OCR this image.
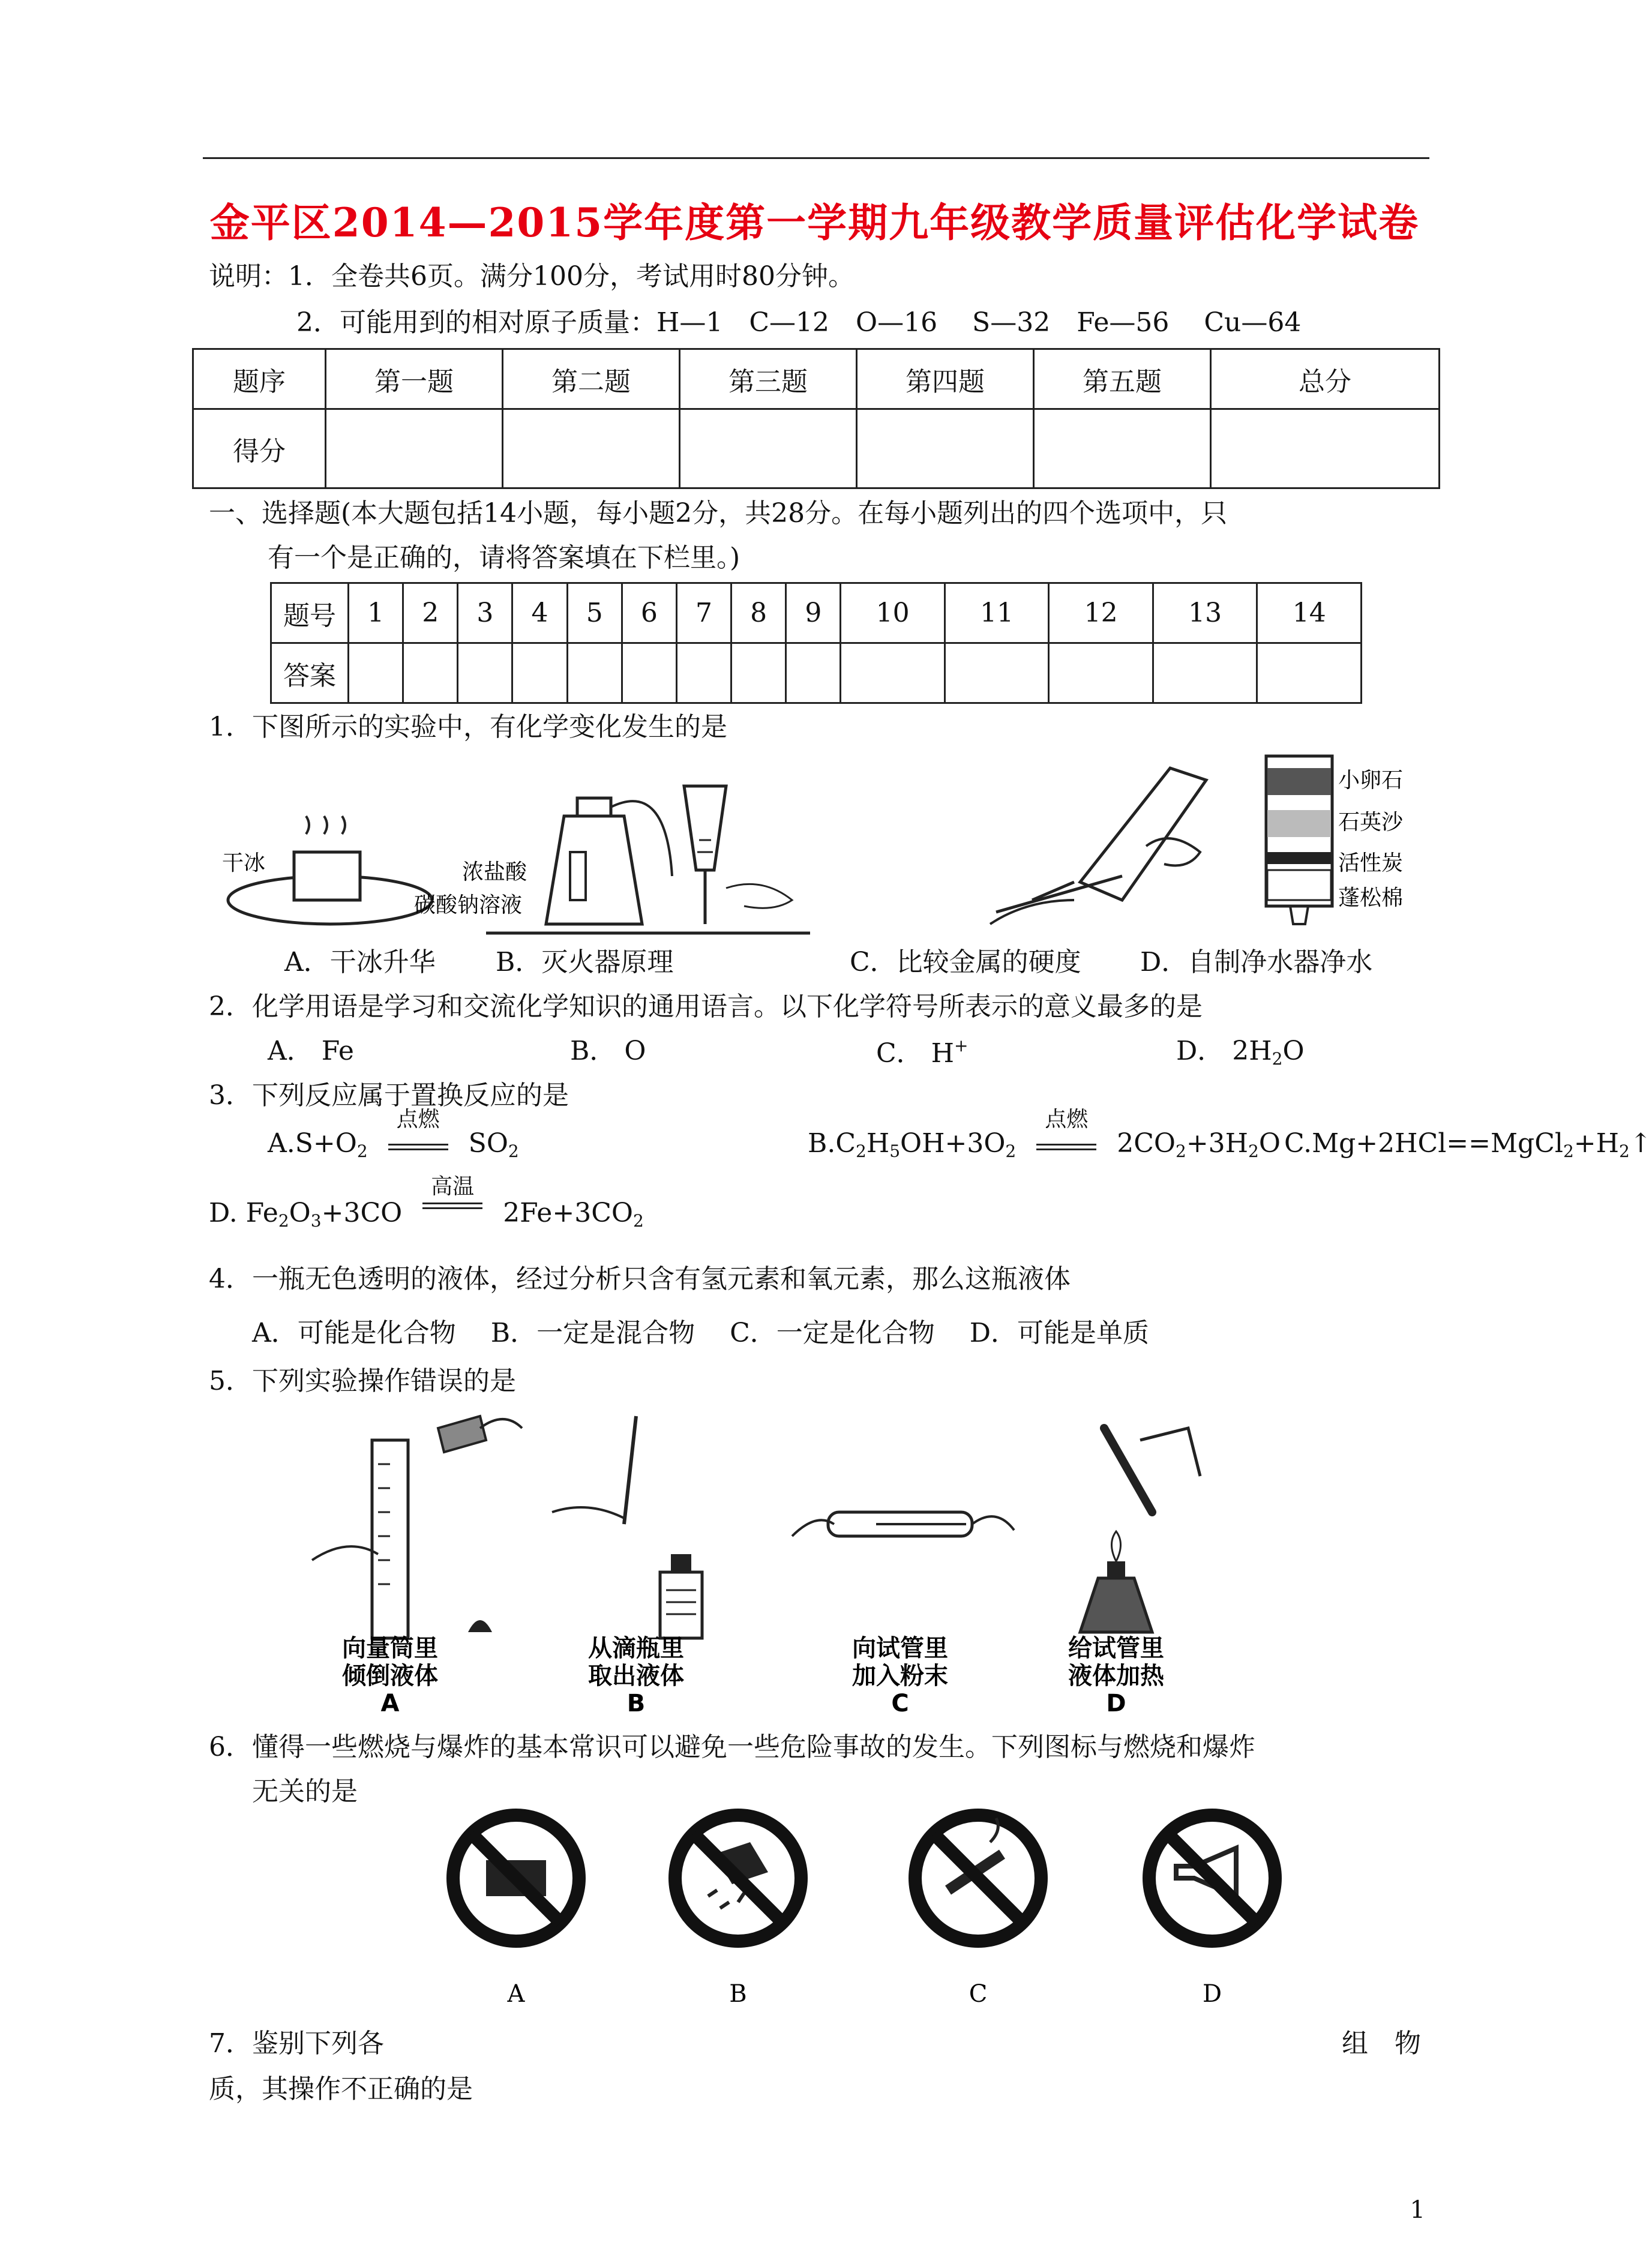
金平区2014—2015学年度第一学期九年级教学质量评估化学试卷
说明：1．全卷共6页。满分100分，考试用时80分钟。
2．可能用到的相对原子质量：H—1　C—12　O—16　 S—32　Fe—56　 Cu—64
题序	第一题	第二题	第三题	第四题	第五题	总分
得分						
一、选择题(本大题包括14小题，每小题2分，共28分。在每小题列出的四个选项中，只
有一个是正确的，请将答案填在下栏里。)
题号	1	2	3	4	5	6	7	8	9	10	11	12	13	14
答案														
1．下图所示的实验中，有化学变化发生的是
干冰	浓盐酸
碳酸钠溶液
小卵石
石英沙
活性炭
蓬松棉
A．干冰升华 B．灭火器原理	C．比较金属的硬度 D．自制净水器净水
2．化学用语是学习和交流化学知识的通用语言。以下化学符号所表示的意义最多的是
A． Fe	B． O	C． H+	D． $2H_2O$
3．下列反应属于置换反应的是
$A.S+O_2$
点燃
$SO_2$	$B.C_2H_5OH+3O_2$
点燃
$2CO_2+3H_2O$ $C.Mg+2HCl==MgCl_2+H_2↑$
D. $Fe_2O_3+3CO$
高温
$2Fe+3CO_2$
4．一瓶无色透明的液体，经过分析只含有氢元素和氧元素，那么这瓶液体
A．可能是化合物　 B．一定是混合物　 C．一定是化合物　 D．可能是单质
5．下列实验操作错误的是
向量筒里
倾倒液体
A
从滴瓶里
取出液体
B
向试管里
加入粉末
C
给试管里
液体加热
D
6．懂得一些燃烧与爆炸的基本常识可以避免一些危险事故的发生。下列图标与燃烧和爆炸
无关的是
A	B	C	D
7．鉴别下列各	组　物
质，其操作不正确的是
1
